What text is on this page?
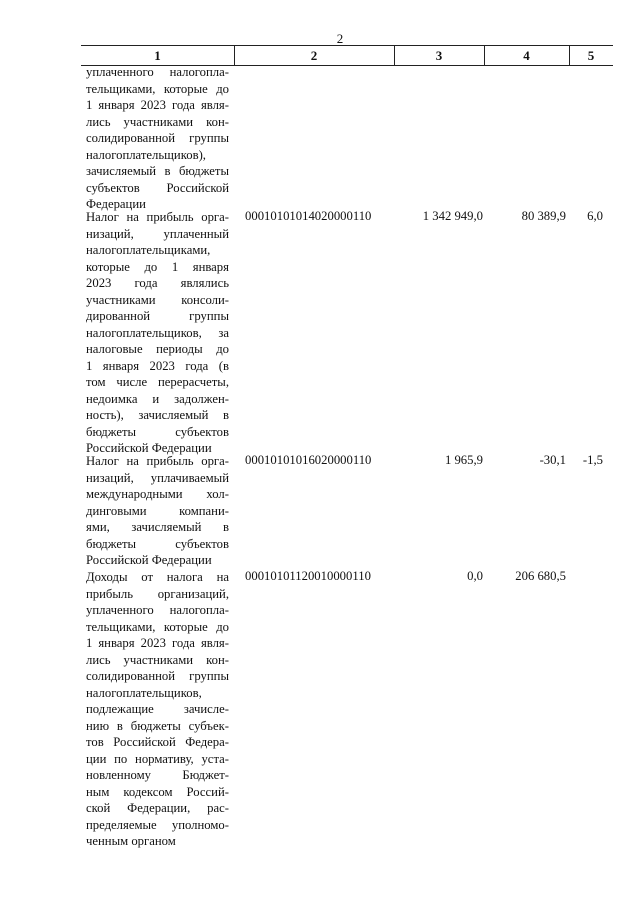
2
1	2	3	4	5
уплаченного налогопла-
тельщиками, которые до
1 января 2023 года явля-
лись участниками кон-
солидированной группы
налогоплательщиков),
зачисляемый в бюджеты
субъектов Российской
Федерации
Налог на прибыль орга-
низаций, уплаченный
налогоплательщиками,
которые до 1 января
2023 года являлись
участниками консоли-
дированной группы
налогоплательщиков, за
налоговые периоды до
1 января 2023 года (в
том числе перерасчеты,
недоимка и задолжен-
ность), зачисляемый в
бюджеты субъектов
Российской Федерации
00010101014020000110	1 342 949,0	80 389,9	6,0
Налог на прибыль орга-
низаций, уплачиваемый
международными хол-
динговыми компани-
ями, зачисляемый в
бюджеты субъектов
Российской Федерации
00010101016020000110	1 965,9	-30,1	-1,5
Доходы от налога на
прибыль организаций,
уплаченного налогопла-
тельщиками, которые до
1 января 2023 года явля-
лись участниками кон-
солидированной группы
налогоплательщиков,
подлежащие зачисле-
нию в бюджеты субъек-
тов Российской Федера-
ции по нормативу, уста-
новленному Бюджет-
ным кодексом Россий-
ской Федерации, рас-
пределяемые уполномо-
ченным органом
00010101120010000110	0,0	206 680,5
